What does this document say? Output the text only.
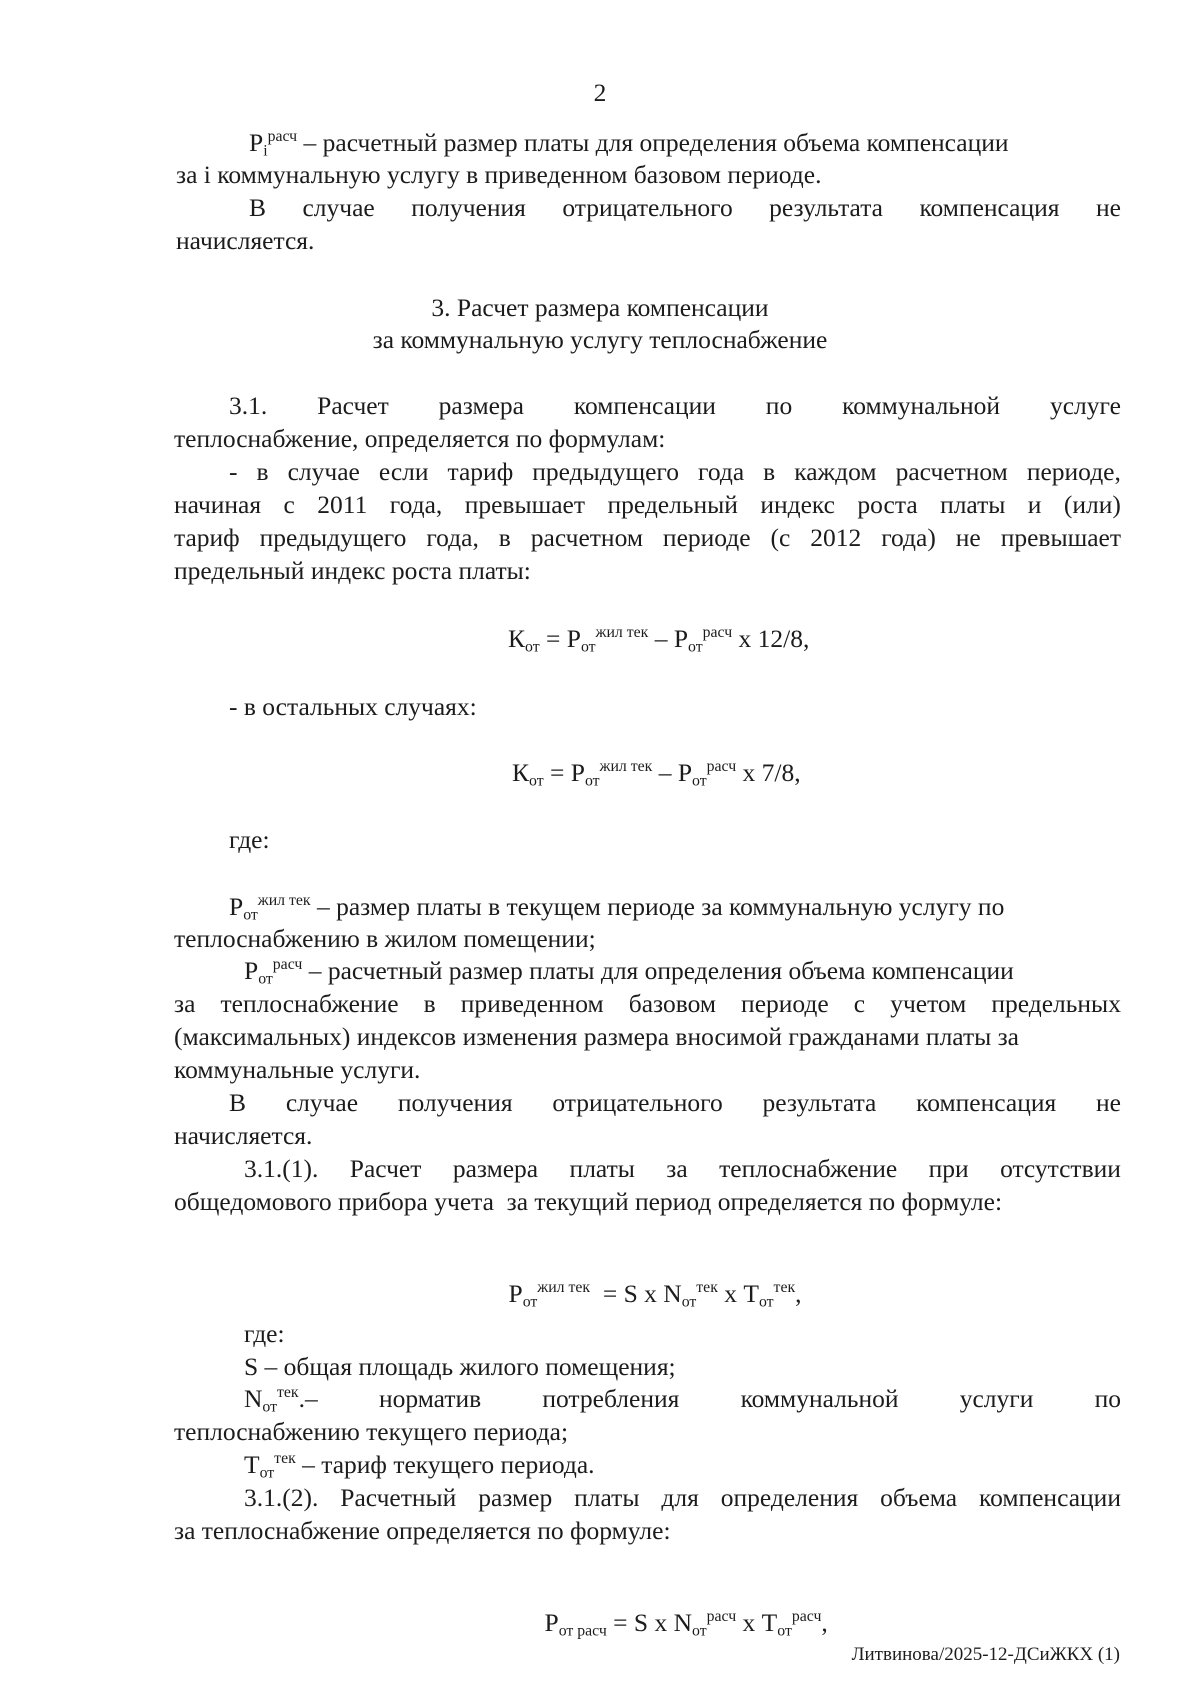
2
$P_i^{расч}$ – расчетный размер платы для определения объема компенсации
за i коммунальную услугу в приведенном базовом периоде.
В случае получения отрицательного результата компенсация не
начисляется.
3. Расчет размера компенсации
за коммунальную услугу теплоснабжение
3.1. Расчет размера компенсации по коммунальной услуге
теплоснабжение, определяется по формулам:
- в случае если тариф предыдущего года в каждом расчетном периоде,
начиная с 2011 года, превышает предельный индекс роста платы и (или)
тариф предыдущего года, в расчетном периоде (с 2012 года) не превышает
предельный индекс роста платы:
$К_{от} = Р_{от}^{жил тек} - Р_{от}^{расч}$ х 12/8,
- в остальных случаях:
$К_{от} = Р_{от}^{жил тек} - Р_{от}^{расч}$ х 7/8,
где:
$Р_{от}^{жил тек}$ – размер платы в текущем периоде за коммунальную услугу по
теплоснабжению в жилом помещении;
$Р_{от}^{расч}$ – расчетный размер платы для определения объема компенсации
за теплоснабжение в приведенном базовом периоде с учетом предельных
(максимальных) индексов изменения размера вносимой гражданами платы за
коммунальные услуги.
В случае получения отрицательного результата компенсация не
начисляется.
3.1.(1). Расчет размера платы за теплоснабжение при отсутствии
общедомового прибора учета  за текущий период определяется по формуле:

$Р_{от}^{жил тек} = S$ х $N_{от}^{тек}$ х $Т_{от}^{тек}$,

где:
S – общая площадь жилого помещения;
$N_{от}^{тек}.-$ норматив потребления коммунальной услуги по
теплоснабжению текущего периода;
$Т_{от}^{тек}$ – тариф текущего периода.
3.1.(2). Расчетный размер платы для определения объема компенсации
за теплоснабжение определяется по формуле:

$Р_{от расч} = S$ х $N_{от}^{расч}$ х $Т_{от}^{расч}$,

Литвинова/2025-12-ДСиЖКХ (1)
